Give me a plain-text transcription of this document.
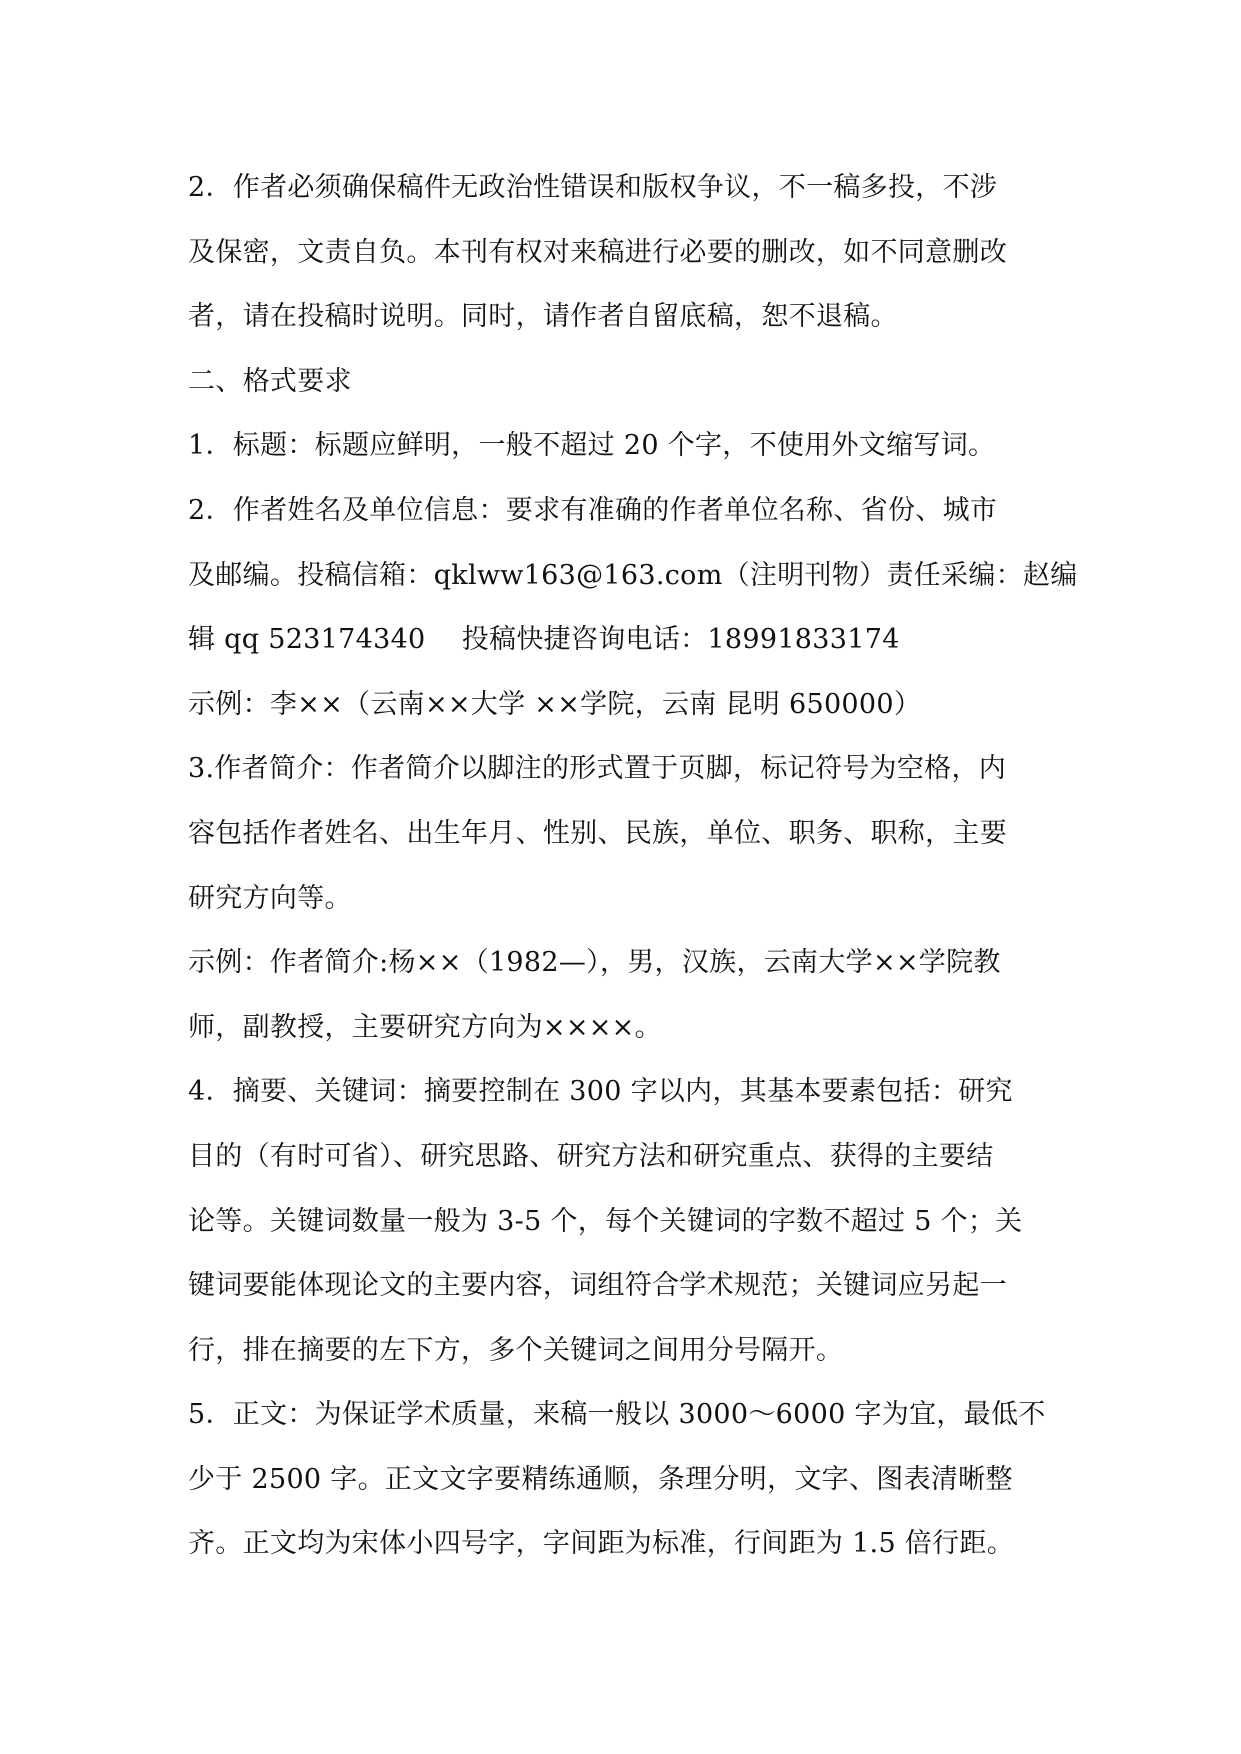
2．作者必须确保稿件无政治性错误和版权争议，不一稿多投，不涉
及保密，文责自负。本刊有权对来稿进行必要的删改，如不同意删改
者，请在投稿时说明。同时，请作者自留底稿，恕不退稿。
二、格式要求
1．标题：标题应鲜明，一般不超过 20 个字，不使用外文缩写词。
2．作者姓名及单位信息：要求有准确的作者单位名称、省份、城市
及邮编。投稿信箱：qklww163@163.com（注明刊物）责任采编：赵编
辑 qq 523174340　 投稿快捷咨询电话：18991833174
示例：李××（云南××大学 ××学院，云南 昆明 650000）
3.作者简介：作者简介以脚注的形式置于页脚，标记符号为空格，内
容包括作者姓名、出生年月、性别、民族，单位、职务、职称，主要
研究方向等。
示例：作者简介:杨××（1982—），男，汉族，云南大学××学院教
师，副教授，主要研究方向为××××。
4．摘要、关键词：摘要控制在 300 字以内，其基本要素包括：研究
目的（有时可省）、研究思路、研究方法和研究重点、获得的主要结
论等。关键词数量一般为 3-5 个，每个关键词的字数不超过 5 个；关
键词要能体现论文的主要内容，词组符合学术规范；关键词应另起一
行，排在摘要的左下方，多个关键词之间用分号隔开。
5．正文：为保证学术质量，来稿一般以 3000～6000 字为宜，最低不
少于 2500 字。正文文字要精练通顺，条理分明，文字、图表清晰整
齐。正文均为宋体小四号字，字间距为标准，行间距为 1.5 倍行距。
